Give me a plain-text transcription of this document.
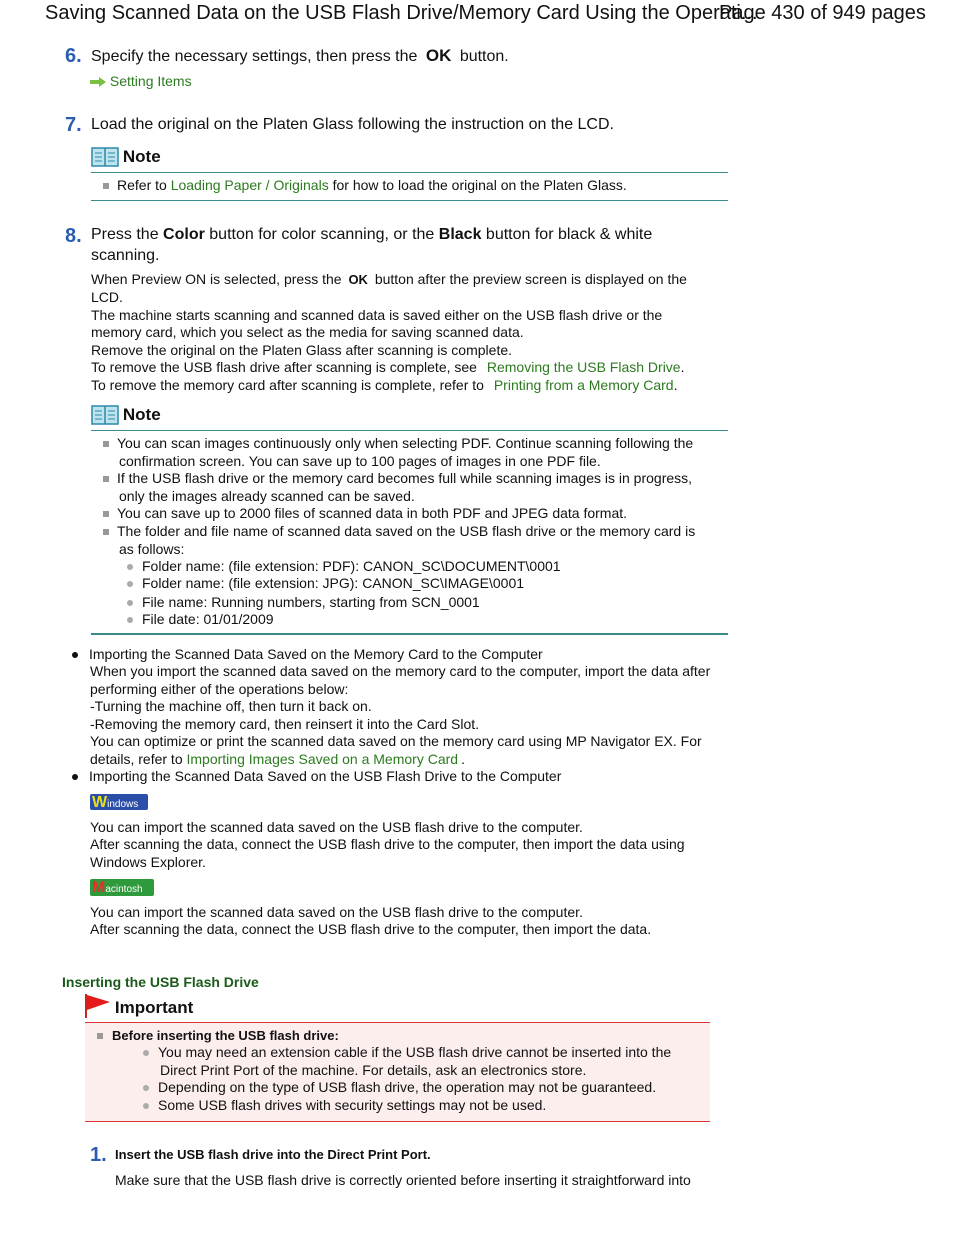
Saving Scanned Data on the USB Flash Drive/Memory Card Using the Operati...
Page 430 of 949 pages
6. Specify the necessary settings, then press the OK button.
Setting Items
7. Load the original on the Platen Glass following the instruction on the LCD.
Note
Refer to Loading Paper / Originals for how to load the original on the Platen Glass.
8. Press the Color button for color scanning, or the Black button for black & white
scanning.
When Preview ON is selected, press the OK button after the preview screen is displayed on the
LCD.
The machine starts scanning and scanned data is saved either on the USB flash drive or the
memory card, which you select as the media for saving scanned data.
Remove the original on the Platen Glass after scanning is complete.
To remove the USB flash drive after scanning is complete, see Removing the USB Flash Drive.
To remove the memory card after scanning is complete, refer to Printing from a Memory Card.
Note
You can scan images continuously only when selecting PDF. Continue scanning following the
confirmation screen. You can save up to 100 pages of images in one PDF file.
If the USB flash drive or the memory card becomes full while scanning images is in progress,
only the images already scanned can be saved.
You can save up to 2000 files of scanned data in both PDF and JPEG data format.
The folder and file name of scanned data saved on the USB flash drive or the memory card is
as follows:
Folder name: (file extension: PDF): CANON_SC\DOCUMENT\0001
Folder name: (file extension: JPG): CANON_SC\IMAGE\0001
File name: Running numbers, starting from SCN_0001
File date: 01/01/2009
Importing the Scanned Data Saved on the Memory Card to the Computer
When you import the scanned data saved on the memory card to the computer, import the data after
performing either of the operations below:
-Turning the machine off, then turn it back on.
-Removing the memory card, then reinsert it into the Card Slot.
You can optimize or print the scanned data saved on the memory card using MP Navigator EX. For
details, refer to Importing Images Saved on a Memory Card .
Importing the Scanned Data Saved on the USB Flash Drive to the Computer
Windows
You can import the scanned data saved on the USB flash drive to the computer.
After scanning the data, connect the USB flash drive to the computer, then import the data using
Windows Explorer.
Macintosh
You can import the scanned data saved on the USB flash drive to the computer.
After scanning the data, connect the USB flash drive to the computer, then import the data.
Inserting the USB Flash Drive
Important
Before inserting the USB flash drive:
You may need an extension cable if the USB flash drive cannot be inserted into the
Direct Print Port of the machine. For details, ask an electronics store.
Depending on the type of USB flash drive, the operation may not be guaranteed.
Some USB flash drives with security settings may not be used.
1. Insert the USB flash drive into the Direct Print Port.
Make sure that the USB flash drive is correctly oriented before inserting it straightforward into
